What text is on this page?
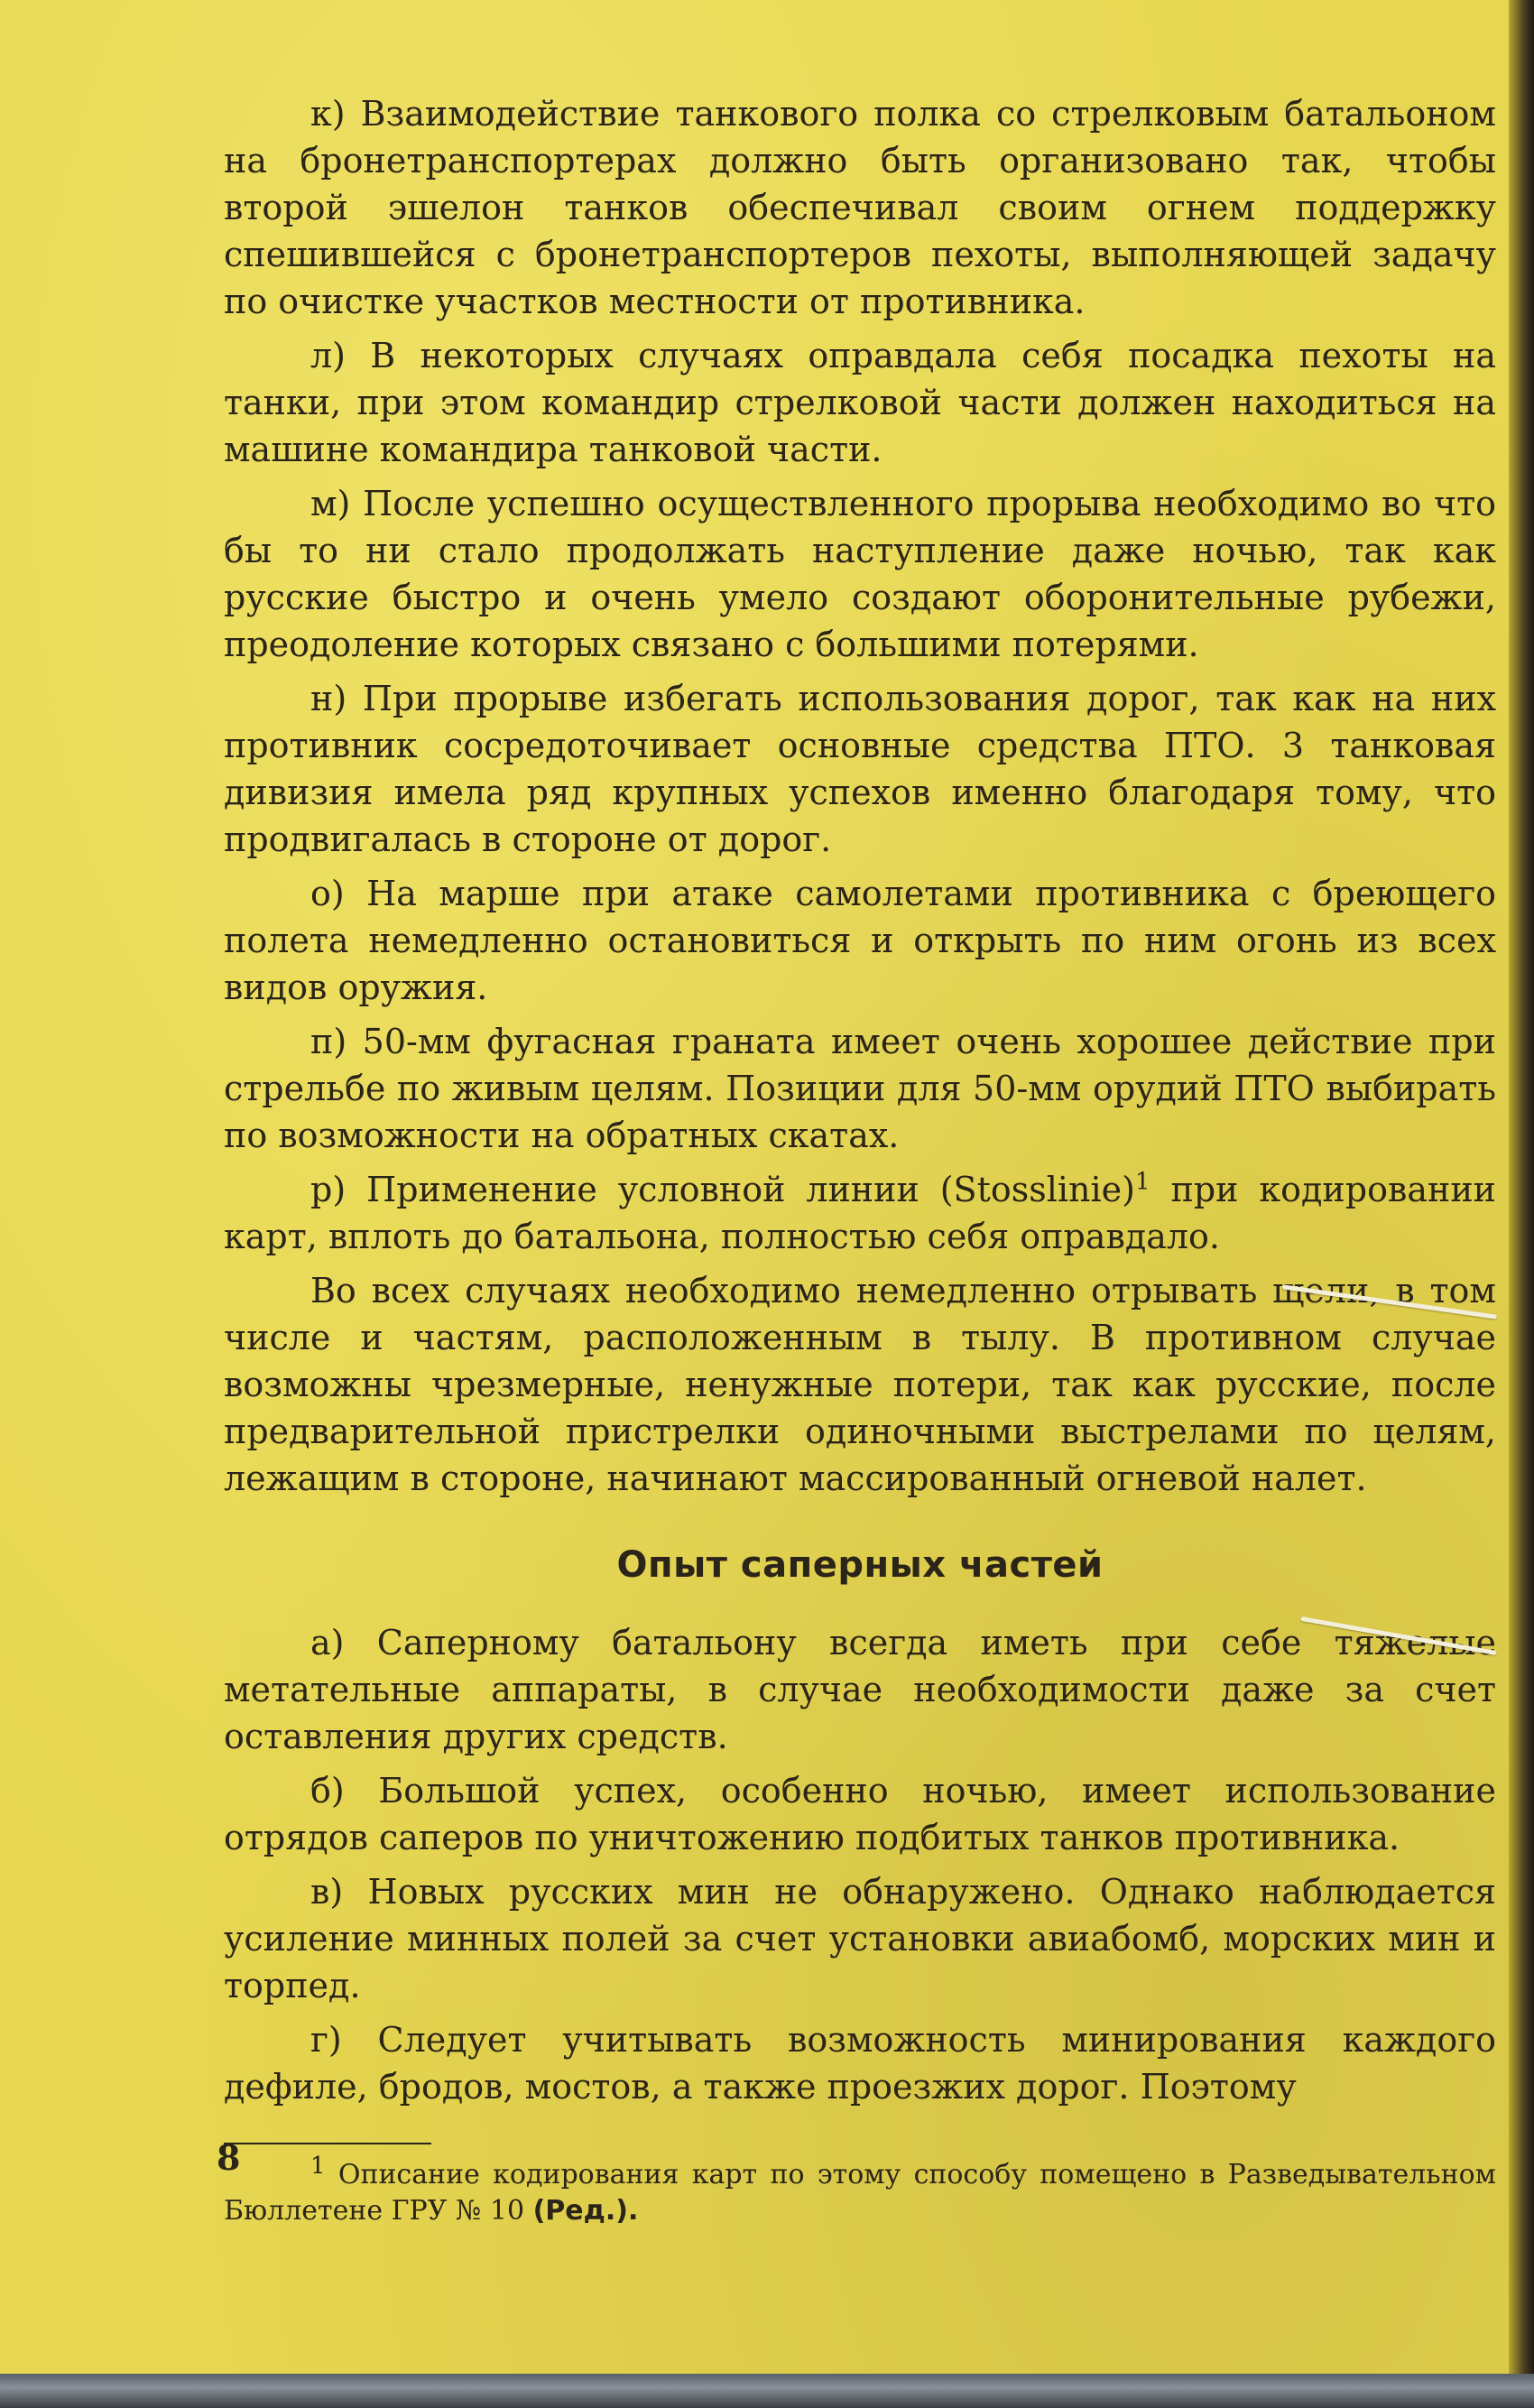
к) Взаимодействие танкового полка со стрелковым батальоном на бронетранспортерах должно быть организовано так, чтобы второй эшелон танков обеспечивал своим огнем поддержку спешившейся с бронетранспортеров пехоты, выполняющей задачу по очистке участков местности от противника.

л) В некоторых случаях оправдала себя посадка пехоты на танки, при этом командир стрелковой части должен находиться на машине командира танковой части.

м) После успешно осуществленного прорыва необходимо во что бы то ни стало продолжать наступление даже ночью, так как русские быстро и очень умело создают оборонительные рубежи, преодоление которых связано с большими потерями.

н) При прорыве избегать использования дорог, так как на них противник сосредоточивает основные средства ПТО. 3 танковая дивизия имела ряд крупных успехов именно благодаря тому, что продвигалась в стороне от дорог.

о) На марше при атаке самолетами противника с бреющего полета немедленно остановиться и открыть по ним огонь из всех видов оружия.

п) 50-мм фугасная граната имеет очень хорошее действие при стрельбе по живым целям. Позиции для 50-мм орудий ПТО выбирать по возможности на обратных скатах.

р) Применение условной линии (Stosslinie)$^1$ при кодировании карт, вплоть до батальона, полностью себя оправдало.

Во всех случаях необходимо немедленно отрывать щели, в том числе и частям, расположенным в тылу. В противном случае возможны чрезмерные, ненужные потери, так как русские, после предварительной пристрелки одиночными выстрелами по целям, лежащим в стороне, начинают массированный огневой налет.

Опыт саперных частей

а) Саперному батальону всегда иметь при себе тяжелые метательные аппараты, в случае необходимости даже за счет оставления других средств.

б) Большой успех, особенно ночью, имеет использование отрядов саперов по уничтожению подбитых танков противника.

в) Новых русских мин не обнаружено. Однако наблюдается усиление минных полей за счет установки авиабомб, морских мин и торпед.

г) Следует учитывать возможность минирования каждого дефиле, бродов, мостов, а также проезжих дорог. Поэтому

1 Описание кодирования карт по этому способу помещено в Разведывательном Бюллетене ГРУ № 10 (Ред.).

8
